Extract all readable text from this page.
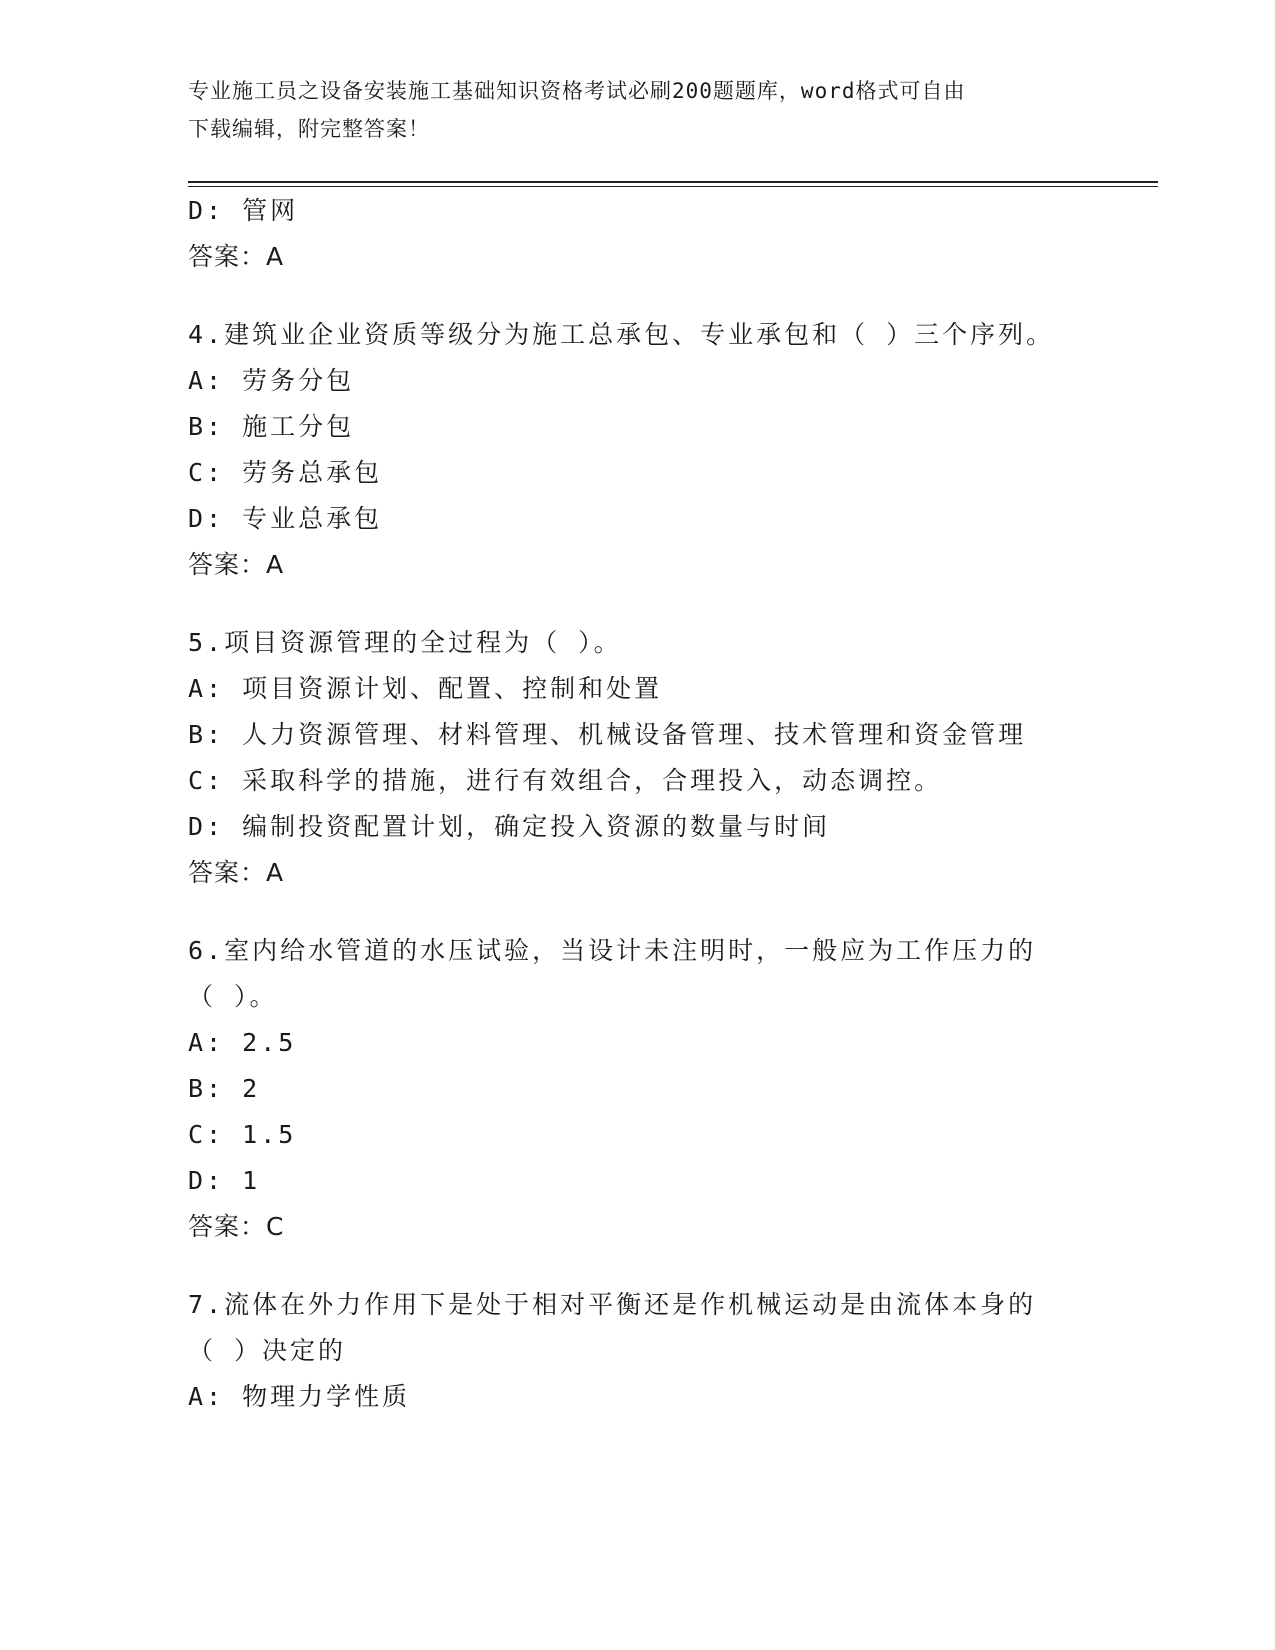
专业施工员之设备安装施工基础知识资格考试必刷200题题库，word格式可自由
下载编辑，附完整答案！
D: 管网
答案：A
4.建筑业企业资质等级分为施工总承包、专业承包和（ ）三个序列。
A: 劳务分包
B: 施工分包
C: 劳务总承包
D: 专业总承包
答案：A
5.项目资源管理的全过程为（ ）。
A: 项目资源计划、配置、控制和处置
B: 人力资源管理、材料管理、机械设备管理、技术管理和资金管理
C: 采取科学的措施，进行有效组合，合理投入，动态调控。
D: 编制投资配置计划，确定投入资源的数量与时间
答案：A
6.室内给水管道的水压试验，当设计未注明时，一般应为工作压力的
（ ）。
A: 2.5
B: 2
C: 1.5
D: 1
答案：C
7.流体在外力作用下是处于相对平衡还是作机械运动是由流体本身的
（ ）决定的
A: 物理力学性质
